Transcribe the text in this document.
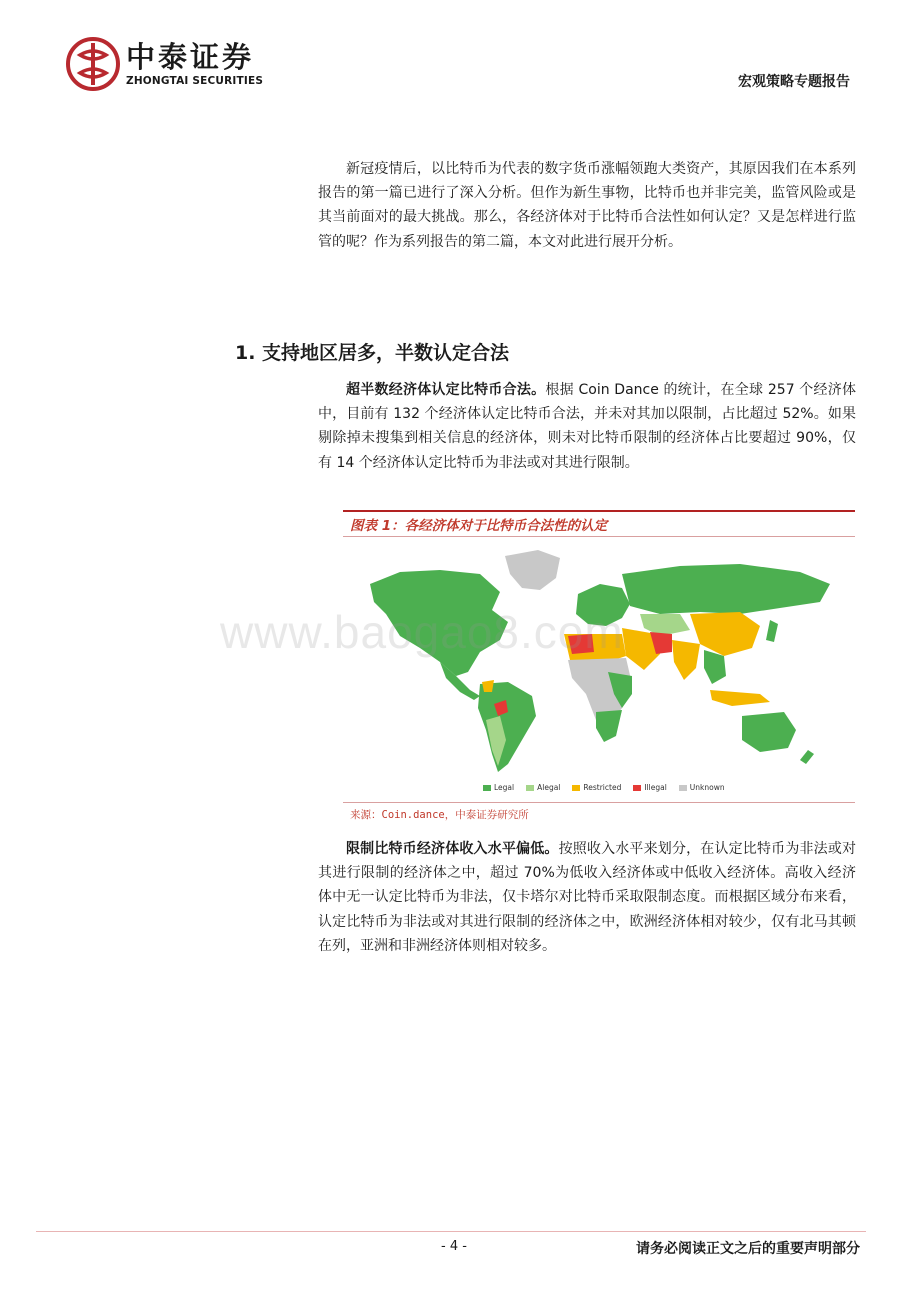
中泰证券
ZHONGTAI SECURITIES	宏观策略专题报告

新冠疫情后，以比特币为代表的数字货币涨幅领跑大类资产，其原因我们在本系列报告的第一篇已进行了深入分析。但作为新生事物，比特币也并非完美，监管风险或是其当前面对的最大挑战。那么，各经济体对于比特币合法性如何认定？又是怎样进行监管的呢？作为系列报告的第二篇，本文对此进行展开分析。

1. 支持地区居多，半数认定合法

超半数经济体认定比特币合法。根据 Coin Dance 的统计，在全球 257 个经济体中，目前有 132 个经济体认定比特币合法，并未对其加以限制，占比超过 52%。如果剔除掉未搜集到相关信息的经济体，则未对比特币限制的经济体占比要超过 90%，仅有 14 个经济体认定比特币为非法或对其进行限制。

图表 1：各经济体对于比特币合法性的认定
Legal	Alegal	Restricted	Illegal	Unknown
www.baogao8.com
来源：Coin.dance，中泰证券研究所

限制比特币经济体收入水平偏低。按照收入水平来划分，在认定比特币为非法或对其进行限制的经济体之中，超过 70%为低收入经济体或中低收入经济体。高收入经济体中无一认定比特币为非法，仅卡塔尔对比特币采取限制态度。而根据区域分布来看，认定比特币为非法或对其进行限制的经济体之中，欧洲经济体相对较少，仅有北马其顿在列，亚洲和非洲经济体则相对较多。

- 4 -	请务必阅读正文之后的重要声明部分
